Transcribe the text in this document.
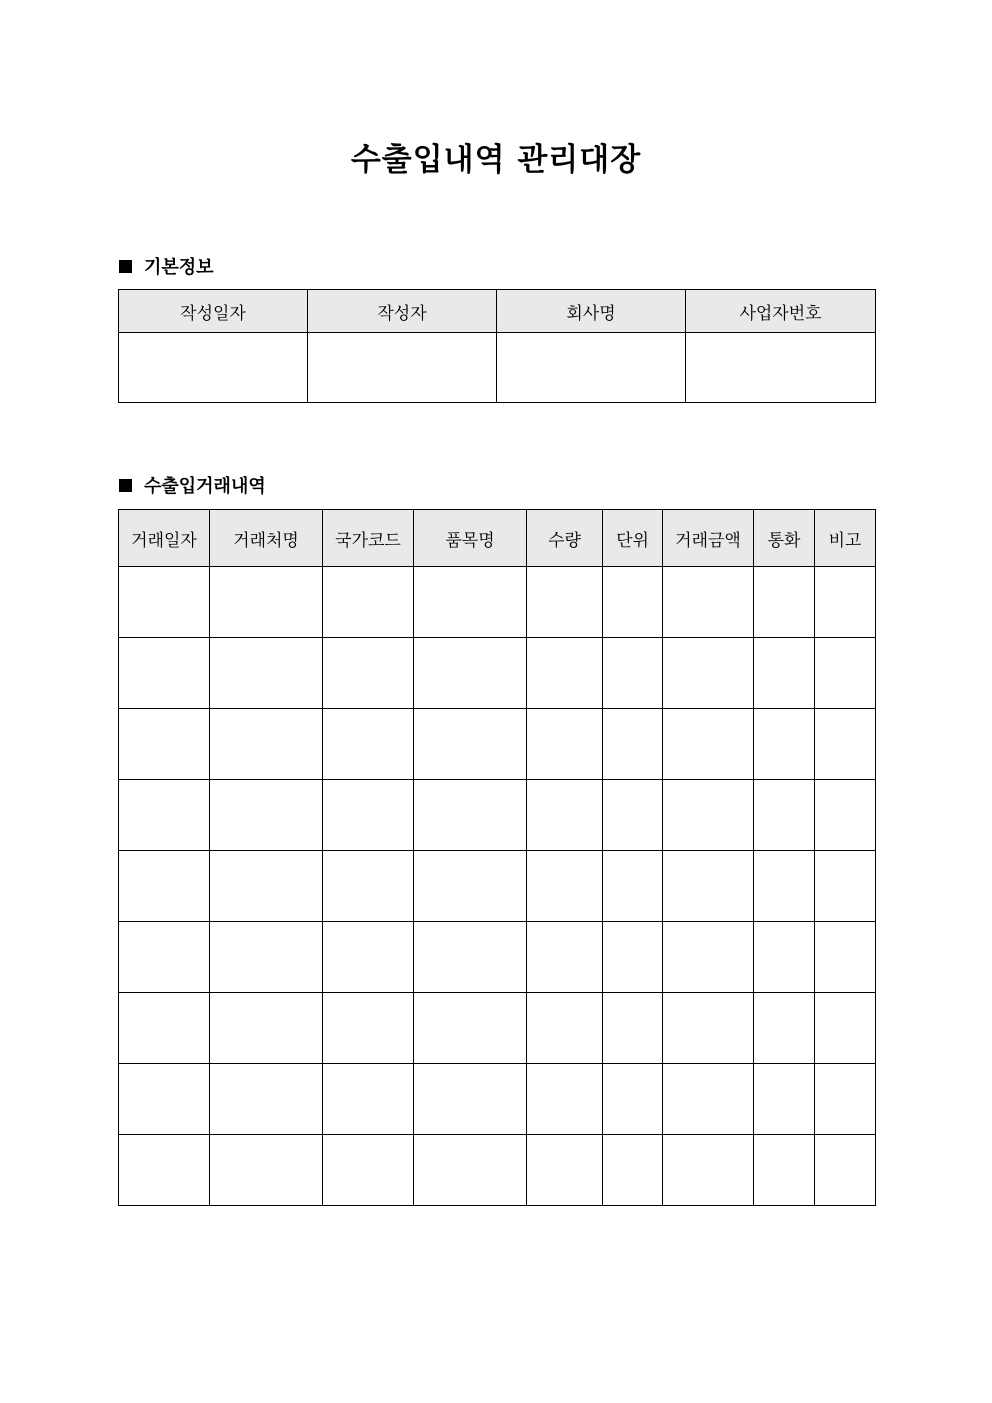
수출입내역 관리대장
기본정보
작성일자	작성자	회사명	사업자번호

수출입거래내역
거래일자	거래처명	국가코드	품목명	수량	단위	거래금액	통화	비고
